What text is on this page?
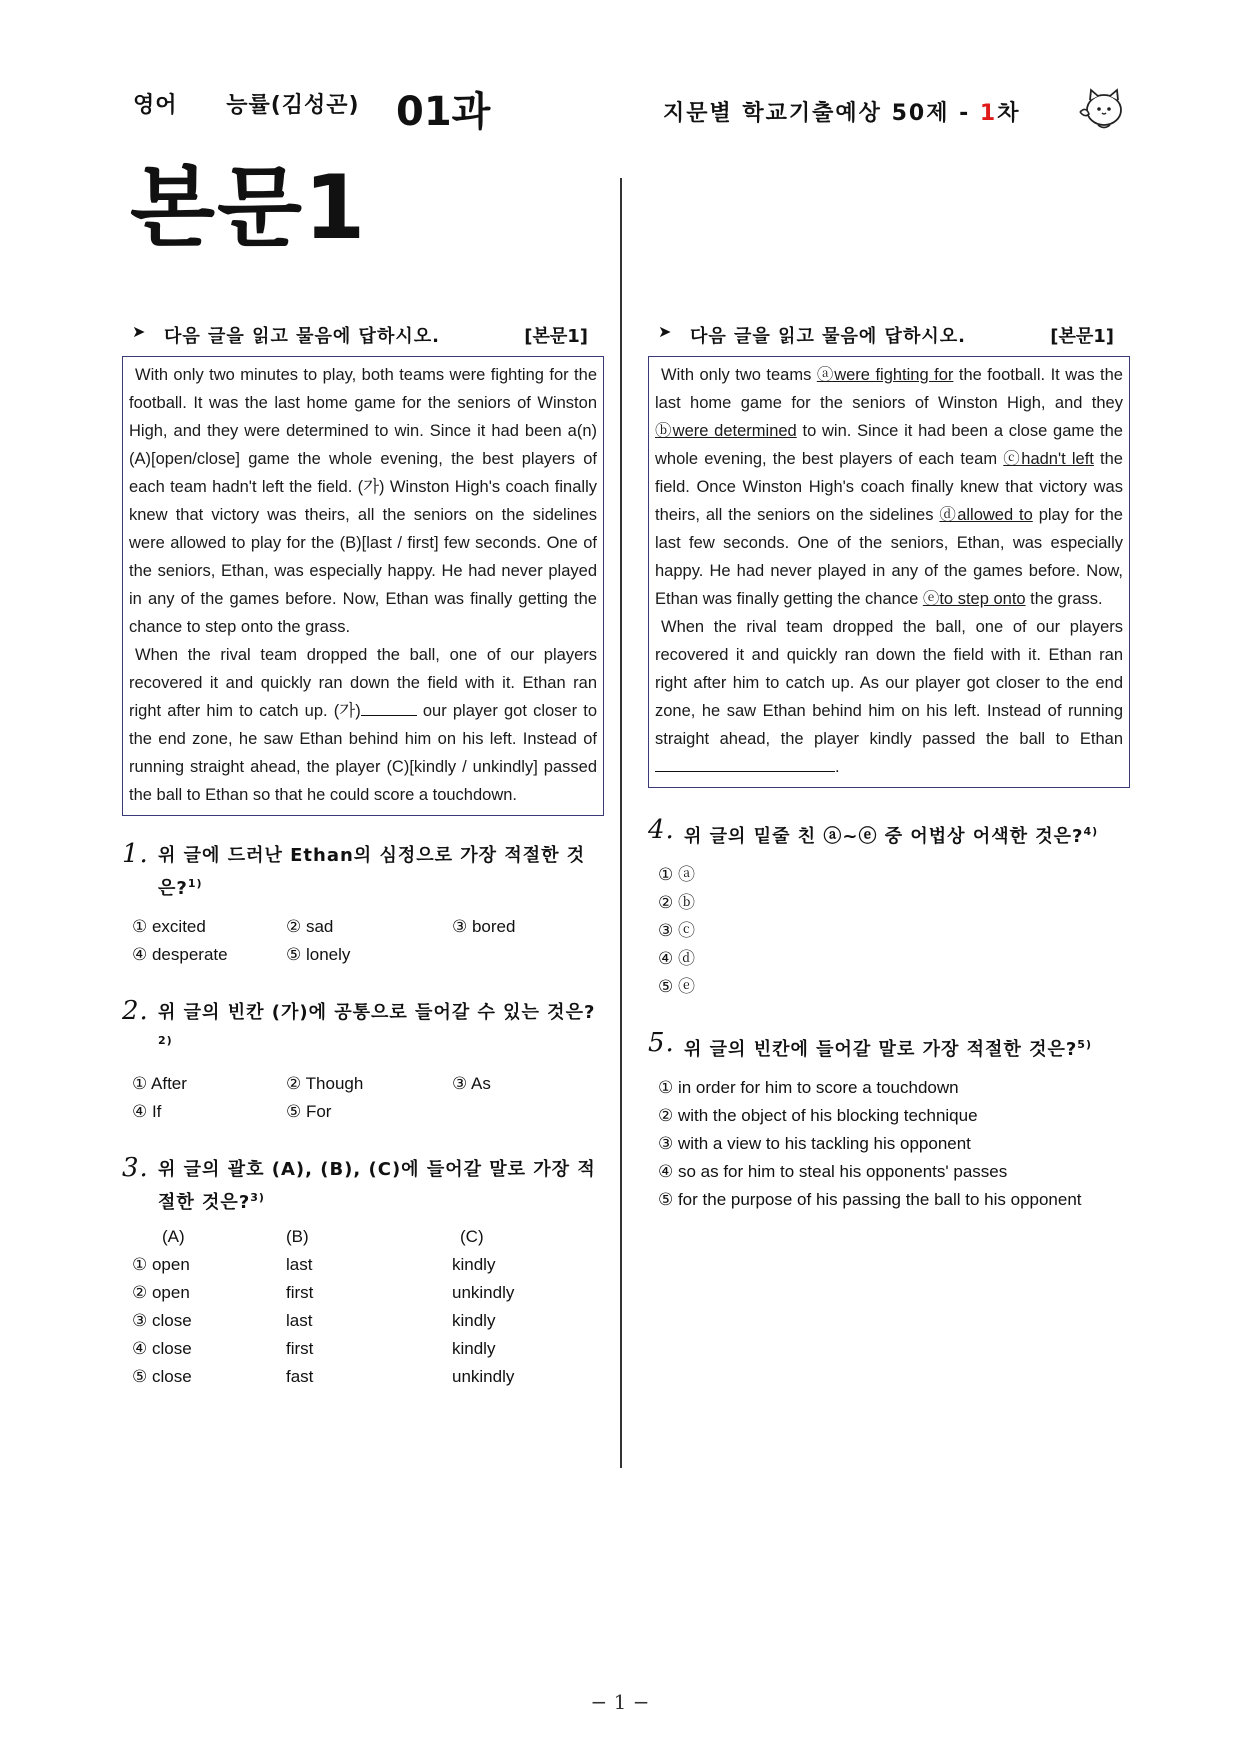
영어 능률(김성곤) 01과	지문별 학교기출예상 50제 - 1차
본문1
➤ 다음 글을 읽고 물음에 답하시오.	[본문1]

With only two minutes to play, both teams were fighting for the football. It was the last home game for the seniors of Winston High, and they were determined to win. Since it had been a(n) (A)[open/close] game the whole evening, the best players of each team hadn't left the field. (가) Winston High's coach finally knew that victory was theirs, all the seniors on the sidelines were allowed to play for the (B)[last / first] few seconds. One of the seniors, Ethan, was especially happy. He had never played in any of the games before. Now, Ethan was finally getting the chance to step onto the grass.

When the rival team dropped the ball, one of our players recovered it and quickly ran down the field with it. Ethan ran right after him to catch up. (가)	our player got closer to the end zone, he saw Ethan behind him on his left. Instead of running straight ahead, the player (C)[kindly / unkindly] passed the ball to Ethan so that he could score a touchdown.

1. 위 글에 드러난 Ethan의 심정으로 가장 적절한 것은?$^{1)}$
① excited	② sad	③ bored
④ desperate	⑤ lonely
2. 위 글의 빈칸 (가)에 공통으로 들어갈 수 있는 것은?$^{2)}$
① After	② Though	③ As
④ If	⑤ For
3. 위 글의 괄호 (A), (B), (C)에 들어갈 말로 가장 적절한 것은?$^{3)}$
(A)	(B)	(C)
① open	last	kindly
② open	first	unkindly
③ close	last	kindly
④ close	first	kindly
⑤ close	fast	unkindly
➤ 다음 글을 읽고 물음에 답하시오.	[본문1]

With only two teams ⓐwere fighting for the football. It was the last home game for the seniors of Winston High, and they ⓑwere determined to win. Since it had been a close game the whole evening, the best players of each team ⓒhadn't left the field. Once Winston High's coach finally knew that victory was theirs, all the seniors on the sidelines ⓓallowed to play for the last few seconds. One of the seniors, Ethan, was especially happy. He had never played in any of the games before. Now, Ethan was finally getting the chance ⓔto step onto the grass.

When the rival team dropped the ball, one of our players recovered it and quickly ran down the field with it. Ethan ran right after him to catch up. As our player got closer to the end zone, he saw Ethan behind him on his left. Instead of running straight ahead, the player kindly passed the ball to Ethan .

4. 위 글의 밑줄 친 ⓐ~ⓔ 중 어법상 어색한 것은?$^{4)}$
① ⓐ
② ⓑ
③ ⓒ
④ ⓓ
⑤ ⓔ
5. 위 글의 빈칸에 들어갈 말로 가장 적절한 것은?$^{5)}$
① in order for him to score a touchdown
② with the object of his blocking technique
③ with a view to his tackling his opponent
④ so as for him to steal his opponents' passes
⑤ for the purpose of his passing the ball to his opponent
− 1 −
